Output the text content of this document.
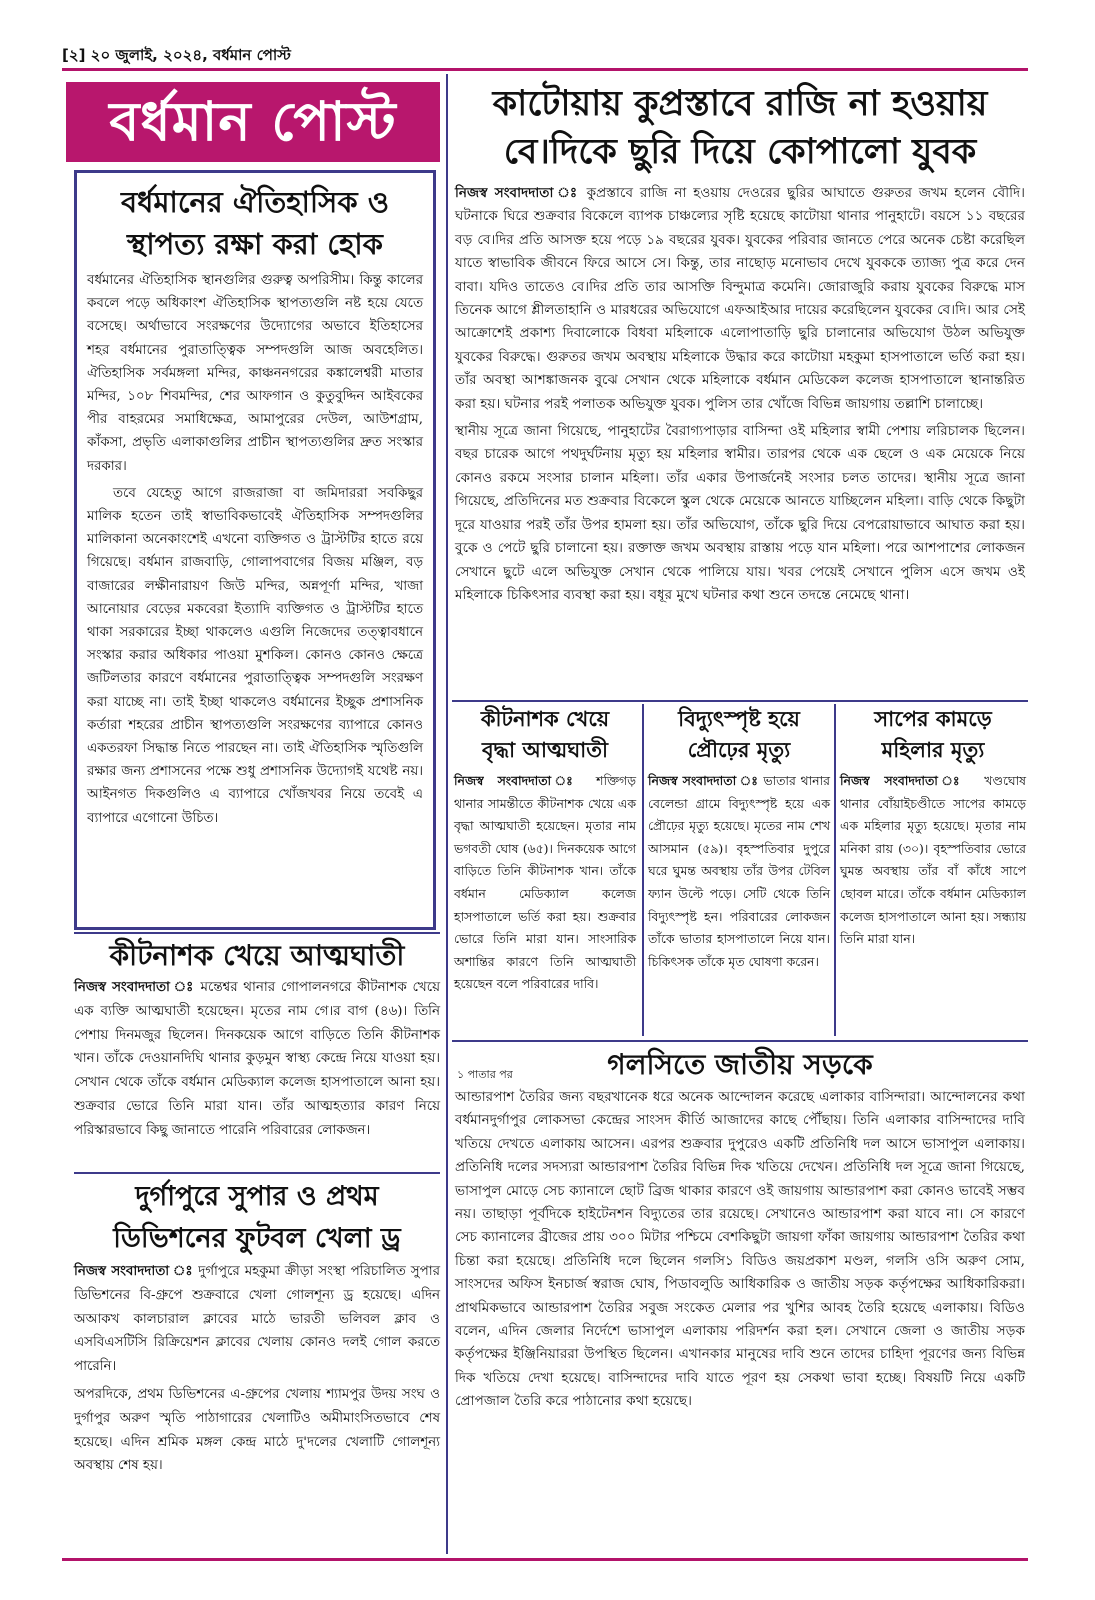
[২] ২০ জুলাই, ২০২৪, বর্ধমান পোস্ট
বর্ধমান পোস্ট
বর্ধমানের ঐতিহাসিক ও
স্থাপত্য রক্ষা করা হোক

বর্ধমানের ঐতিহাসিক স্থানগুলির গুরুত্ব অপরিসীম। কিন্তু কালের কবলে পড়ে অধিকাংশ ঐতিহাসিক স্থাপত্যগুলি নষ্ট হয়ে যেতে বসেছে। অর্থাভাবে সংরক্ষণের উদ্যোগের অভাবে ইতিহাসের শহর বর্ধমানের পুরাতাত্ত্বিক সম্পদগুলি আজ অবহেলিত। ঐতিহাসিক সর্বমঙ্গলা মন্দির, কাঞ্চননগরের কঙ্কালেশ্বরী মাতার মন্দির, ১০৮ শিবমন্দির, শের আফগান ও কুতুবুদ্দিন আইবকের পীর বাহরমের সমাধিক্ষেত্র, আমাপুরের দেউল, আউশগ্রাম, কাঁকসা, প্রভৃতি এলাকাগুলির প্রাচীন স্থাপত্যগুলির দ্রুত সংস্কার দরকার।

তবে যেহেতু আগে রাজরাজা বা জমিদাররা সবকিছুর মালিক হতেন তাই স্বাভাবিকভাবেই ঐতিহাসিক সম্পদগুলির মালিকানা অনেকাংশেই এখনো ব্যক্তিগত ও ট্রাস্টটির হাতে রয়ে গিয়েছে। বর্ধমান রাজবাড়ি, গোলাপবাগের বিজয় মঞ্জিল, বড় বাজারের লক্ষীনারায়ণ জিউ মন্দির, অন্নপূর্ণা মন্দির, খাজা আনোয়ার বেড়ের মকবেরা ইত্যাদি ব্যক্তিগত ও ট্রাস্টটির হাতে থাকা সরকারের ইচ্ছা থাকলেও এগুলি নিজেদের তত্ত্বাবধানে সংস্কার করার অধিকার পাওয়া মুশকিল। কোনও কোনও ক্ষেত্রে জটিলতার কারণে বর্ধমানের পুরাতাত্ত্বিক সম্পদগুলি সংরক্ষণ করা যাচ্ছে না। তাই ইচ্ছা থাকলেও বর্ধমানের ইচ্ছুক প্রশাসনিক কর্তারা শহরের প্রাচীন স্থাপত্যগুলি সংরক্ষণের ব্যাপারে কোনও একতরফা সিদ্ধান্ত নিতে পারছেন না। তাই ঐতিহাসিক স্মৃতিগুলি রক্ষার জন্য প্রশাসনের পক্ষে শুধু প্রশাসনিক উদ্যোগই যথেষ্ট নয়। আইনগত দিকগুলিও এ ব্যাপারে খোঁজখবর নিয়ে তবেই এ ব্যাপারে এগোনো উচিত।

কীটনাশক খেয়ে আত্মঘাতী
নিজস্ব সংবাদদাতা ঃ মন্তেশ্বর থানার গোপালনগরে কীটনাশক খেয়ে এক ব্যক্তি আত্মঘাতী হয়েছেন। মৃতের নাম গে।র বাগ (৪৬)। তিনি পেশায় দিনমজুর ছিলেন। দিনকয়েক আগে বাড়িতে তিনি কীটনাশক খান। তাঁকে দেওয়ানদিঘি থানার কুড়মুন স্বাস্থ্য কেন্দ্রে নিয়ে যাওয়া হয়। সেখান থেকে তাঁকে বর্ধমান মেডিক্যাল কলেজ হাসপাতালে আনা হয়। শুক্রবার ভোরে তিনি মারা যান। তাঁর আত্মহত্যার কারণ নিয়ে পরিস্কারভাবে কিছু জানাতে পারেনি পরিবারের লোকজন।
দুর্গাপুরে সুপার ও প্রথম
ডিভিশনের ফুটবল খেলা ড্র

নিজস্ব সংবাদদাতা ঃ দুর্গাপুরে মহকুমা ক্রীড়া সংস্থা পরিচালিত সুপার ডিভিশনের বি-গ্রুপে শুক্রবারে খেলা গোলশূন্য ড্র হয়েছে। এদিন অআকখ কালচারাল ক্লাবের মাঠে ভারতী ভলিবল ক্লাব ও এসবিএসটিসি রিক্রিয়েশন ক্লাবের খেলায় কোনও দলই গোল করতে পারেনি।

অপরদিকে, প্রথম ডিভিশনের এ-গ্রুপের খেলায় শ্যামপুর উদয় সংঘ ও দুর্গাপুর অরুণ স্মৃতি পাঠাগারের খেলাটিও অমীমাংসিতভাবে শেষ হয়েছে। এদিন শ্রমিক মঙ্গল কেন্দ্র মাঠে দু'দলের খেলাটি গোলশূন্য অবস্থায় শেষ হয়।

কাটোয়ায় কুপ্রস্তাবে রাজি না হওয়ায়
বে।দিকে ছুরি দিয়ে কোপালো যুবক

নিজস্ব সংবাদদাতা ঃ কুপ্রস্তাবে রাজি না হওয়ায় দেওরের ছুরির আঘাতে গুরুতর জখম হলেন বৌদি। ঘটনাকে ঘিরে শুক্রবার বিকেলে ব্যাপক চাঞ্চল্যের সৃষ্টি হয়েছে কাটোয়া থানার পানুহাটে। বয়সে ১১ বছরের বড় বে।দির প্রতি আসক্ত হয়ে পড়ে ১৯ বছরের যুবক। যুবকের পরিবার জানতে পেরে অনেক চেষ্টা করেছিল যাতে স্বাভাবিক জীবনে ফিরে আসে সে। কিন্তু, তার নাছোড় মনোভাব দেখে যুবককে ত্যাজ্য পুত্র করে দেন বাবা। যদিও তাতেও বে।দির প্রতি তার আসক্তি বিন্দুমাত্র কমেনি। জোরাজুরি করায় যুবকের বিরুদ্ধে মাস তিনেক আগে শ্লীলতাহানি ও মারধরের অভিযোগে এফআইআর দায়ের করেছিলেন যুবকের বে।দি। আর সেই আক্রোশেই প্রকাশ্য দিবালোকে বিধবা মহিলাকে এলোপাতাড়ি ছুরি চালানোর অভিযোগ উঠল অভিযুক্ত যুবকের বিরুদ্ধে। গুরুতর জখম অবস্থায় মহিলাকে উদ্ধার করে কাটোয়া মহকুমা হাসপাতালে ভর্তি করা হয়। তাঁর অবস্থা আশঙ্কাজনক বুঝে সেখান থেকে মহিলাকে বর্ধমান মেডিকেল কলেজ হাসপাতালে স্থানান্তরিত করা হয়। ঘটনার পরই পলাতক অভিযুক্ত যুবক। পুলিস তার খোঁজে বিভিন্ন জায়গায় তল্লাশি চালাচ্ছে।

স্থানীয় সূত্রে জানা গিয়েছে, পানুহাটের বৈরাগ্যপাড়ার বাসিন্দা ওই মহিলার স্বামী পেশায় লরিচালক ছিলেন। বছর চারেক আগে পথদুর্ঘটনায় মৃত্যু হয় মহিলার স্বামীর। তারপর থেকে এক ছেলে ও এক মেয়েকে নিয়ে কোনও রকমে সংসার চালান মহিলা। তাঁর একার উপার্জনেই সংসার চলত তাদের। স্থানীয় সূত্রে জানা গিয়েছে, প্রতিদিনের মত শুক্রবার বিকেলে স্কুল থেকে মেয়েকে আনতে যাচ্ছিলেন মহিলা। বাড়ি থেকে কিছুটা দূরে যাওয়ার পরই তাঁর উপর হামলা হয়। তাঁর অভিযোগ, তাঁকে ছুরি দিয়ে বেপরোয়াভাবে আঘাত করা হয়। বুকে ও পেটে ছুরি চালানো হয়। রক্তাক্ত জখম অবস্থায় রাস্তায় পড়ে যান মহিলা। পরে আশপাশের লোকজন সেখানে ছুটে এলে অভিযুক্ত সেখান থেকে পালিয়ে যায়। খবর পেয়েই সেখানে পুলিস এসে জখম ওই মহিলাকে চিকিৎসার ব্যবস্থা করা হয়। বধূর মুখে ঘটনার কথা শুনে তদন্তে নেমেছে থানা।

কীটনাশক খেয়ে
বৃদ্ধা আত্মঘাতী
নিজস্ব সংবাদদাতা ঃ শক্তিগড় থানার সামন্তীতে কীটনাশক খেয়ে এক বৃদ্ধা আত্মঘাতী হয়েছেন। মৃতার নাম ভগবতী ঘোষ (৬৫)। দিনকয়েক আগে বাড়িতে তিনি কীটনাশক খান। তাঁকে বর্ধমান মেডিক্যাল কলেজ হাসপাতালে ভর্তি করা হয়। শুক্রবার ভোরে তিনি মারা যান। সাংসারিক অশান্তির কারণে তিনি আত্মঘাতী হয়েছেন বলে পরিবারের দাবি।
বিদ্যুৎস্পৃষ্ট হয়ে
প্রৌঢ়ের মৃত্যু
নিজস্ব সংবাদদাতা ঃ ভাতার থানার বেলেন্ডা গ্রামে বিদ্যুৎস্পৃষ্ট হয়ে এক প্রৌঢ়ের মৃত্যু হয়েছে। মৃতের নাম শেখ আসমান (৫৯)। বৃহস্পতিবার দুপুরে ঘরে ঘুমন্ত অবস্থায় তাঁর উপর টেবিল ফ্যান উল্টে পড়ে। সেটি থেকে তিনি বিদ্যুৎস্পৃষ্ট হন। পরিবারের লোকজন তাঁকে ভাতার হাসপাতালে নিয়ে যান। চিকিৎসক তাঁকে মৃত ঘোষণা করেন।
সাপের কামড়ে
মহিলার মৃত্যু
নিজস্ব সংবাদদাতা ঃ খণ্ডঘোষ থানার বোঁয়াইচণ্ডীতে সাপের কামড়ে এক মহিলার মৃত্যু হয়েছে। মৃতার নাম মনিকা রায় (৩০)। বৃহস্পতিবার ভোরে ঘুমন্ত অবস্থায় তাঁর বাঁ কাঁধে সাপে ছোবল মারে। তাঁকে বর্ধমান মেডিক্যাল কলেজ হাসপাতালে আনা হয়। সন্ধ্যায় তিনি মারা যান।
১ পাতার পর	গলসিতে জাতীয় সড়কে
আন্ডারপাশ তৈরির জন্য বছরখানেক ধরে অনেক আন্দোলন করেছে এলাকার বাসিন্দারা। আন্দোলনের কথা বর্ধমানদুর্গাপুর লোকসভা কেন্দ্রের সাংসদ কীর্তি আজাদের কাছে পৌঁছায়। তিনি এলাকার বাসিন্দাদের দাবি খতিয়ে দেখতে এলাকায় আসেন। এরপর শুক্রবার দুপুরেও একটি প্রতিনিধি দল আসে ভাসাপুল এলাকায়। প্রতিনিধি দলের সদস্যরা আন্ডারপাশ তৈরির বিভিন্ন দিক খতিয়ে দেখেন। প্রতিনিধি দল সূত্রে জানা গিয়েছে, ভাসাপুল মোড়ে সেচ ক্যানালে ছোট ব্রিজ থাকার কারণে ওই জায়গায় আন্ডারপাশ করা কোনও ভাবেই সম্ভব নয়। তাছাড়া পূর্বদিকে হাইটেনশন বিদ্যুতের তার রয়েছে। সেখানেও আন্ডারপাশ করা যাবে না। সে কারণে সেচ ক্যানালের ব্রীজের প্রায় ৩০০ মিটার পশ্চিমে বেশকিছুটা জায়গা ফাঁকা জায়গায় আন্ডারপাশ তৈরির কথা চিন্তা করা হয়েছে। প্রতিনিধি দলে ছিলেন গলসি১ বিডিও জয়প্রকাশ মণ্ডল, গলসি ওসি অরুণ সোম, সাংসদের অফিস ইনচার্জ স্বরাজ ঘোষ, পিডাবলুডি আধিকারিক ও জাতীয় সড়ক কর্তৃপক্ষের আধিকারিকরা। প্রাথমিকভাবে আন্ডারপাশ তৈরির সবুজ সংকেত মেলার পর খুশির আবহ তৈরি হয়েছে এলাকায়। বিডিও বলেন, এদিন জেলার নির্দেশে ভাসাপুল এলাকায় পরিদর্শন করা হল। সেখানে জেলা ও জাতীয় সড়ক কর্তৃপক্ষের ইঞ্জিনিয়াররা উপস্থিত ছিলেন। এখানকার মানুষের দাবি শুনে তাদের চাহিদা পূরণের জন্য বিভিন্ন দিক খতিয়ে দেখা হয়েছে। বাসিন্দাদের দাবি যাতে পূরণ হয় সেকথা ভাবা হচ্ছে। বিষয়টি নিয়ে একটি প্রোপজাল তৈরি করে পাঠানোর কথা হয়েছে।
